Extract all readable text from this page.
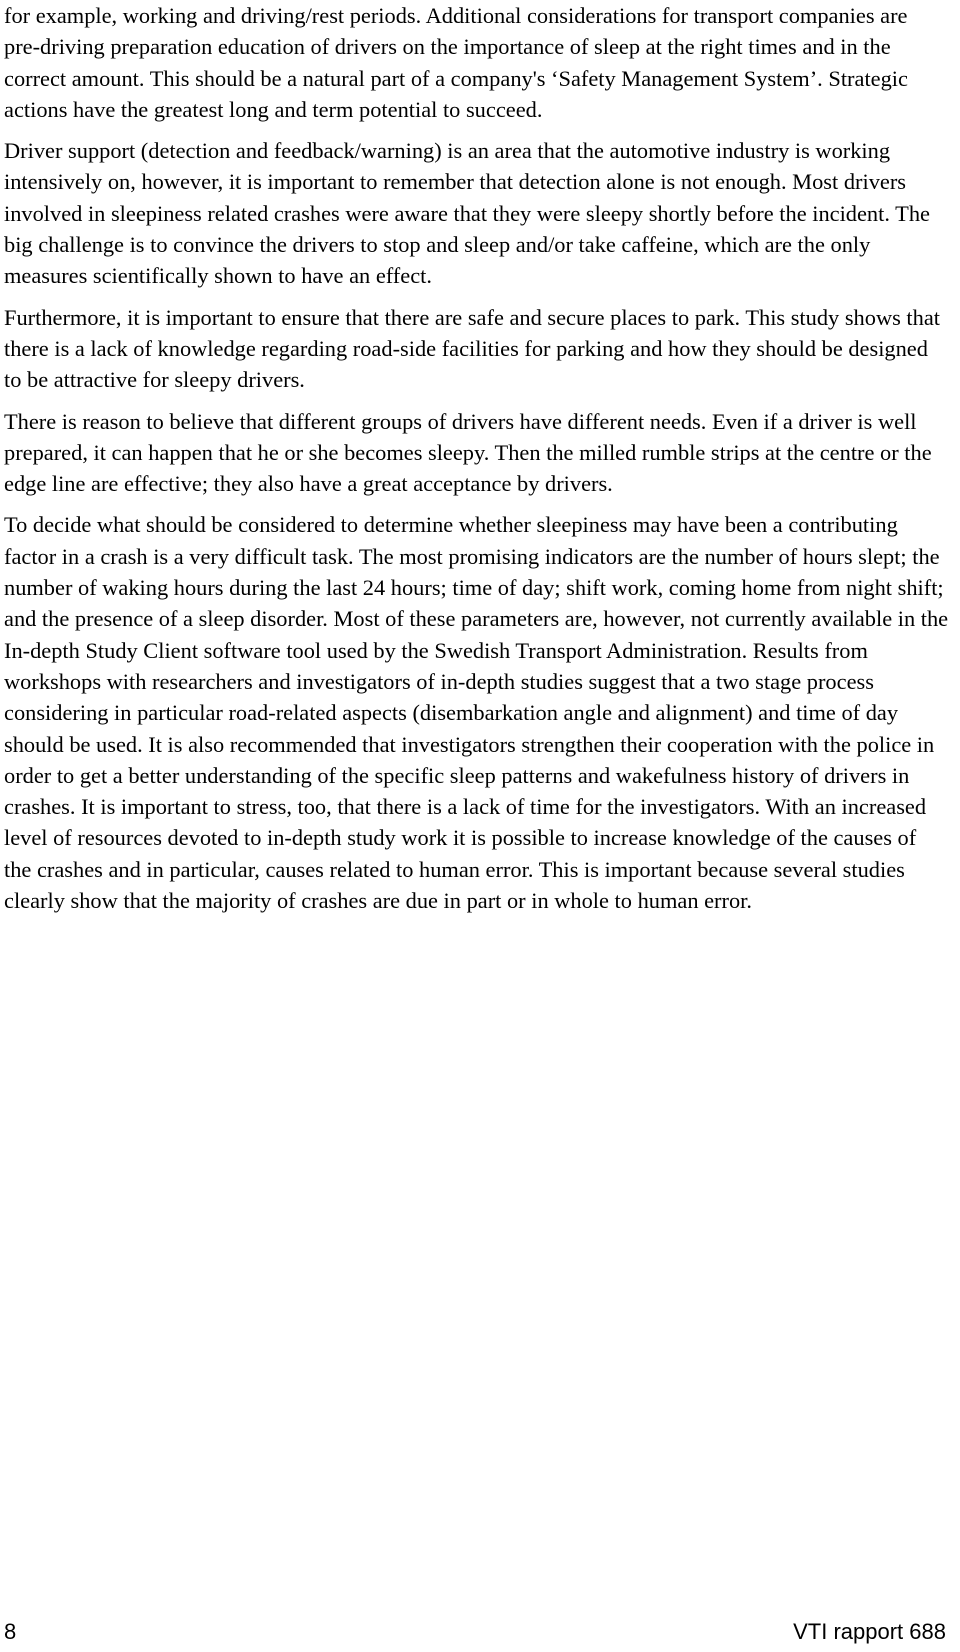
for example, working and driving/rest periods. Additional considerations for transport companies are pre-driving preparation education of drivers on the importance of sleep at the right times and in the correct amount. This should be a natural part of a company's ‘Safety Management System’. Strategic actions have the greatest long and term potential to succeed.

Driver support (detection and feedback/warning) is an area that the automotive industry is working intensively on, however, it is important to remember that detection alone is not enough. Most drivers involved in sleepiness related crashes were aware that they were sleepy shortly before the incident. The big challenge is to convince the drivers to stop and sleep and/or take caffeine, which are the only measures scientifically shown to have an effect.

Furthermore, it is important to ensure that there are safe and secure places to park. This study shows that there is a lack of knowledge regarding road-side facilities for parking and how they should be designed to be attractive for sleepy drivers.

There is reason to believe that different groups of drivers have different needs. Even if a driver is well prepared, it can happen that he or she becomes sleepy. Then the milled rumble strips at the centre or the edge line are effective; they also have a great acceptance by drivers.

To decide what should be considered to determine whether sleepiness may have been a contributing factor in a crash is a very difficult task. The most promising indicators are the number of hours slept; the number of waking hours during the last 24 hours; time of day; shift work, coming home from night shift; and the presence of a sleep disorder. Most of these parameters are, however, not currently available in the In-depth Study Client software tool used by the Swedish Transport Administration. Results from workshops with researchers and investigators of in-depth studies suggest that a two stage process considering in particular road-related aspects (disembarkation angle and alignment) and time of day should be used. It is also recommended that investigators strengthen their cooperation with the police in order to get a better understanding of the specific sleep patterns and wakefulness history of drivers in crashes. It is important to stress, too, that there is a lack of time for the investigators. With an increased level of resources devoted to in-depth study work it is possible to increase knowledge of the causes of the crashes and in particular, causes related to human error. This is important because several studies clearly show that the majority of crashes are due in part or in whole to human error.

8	VTI rapport 688
